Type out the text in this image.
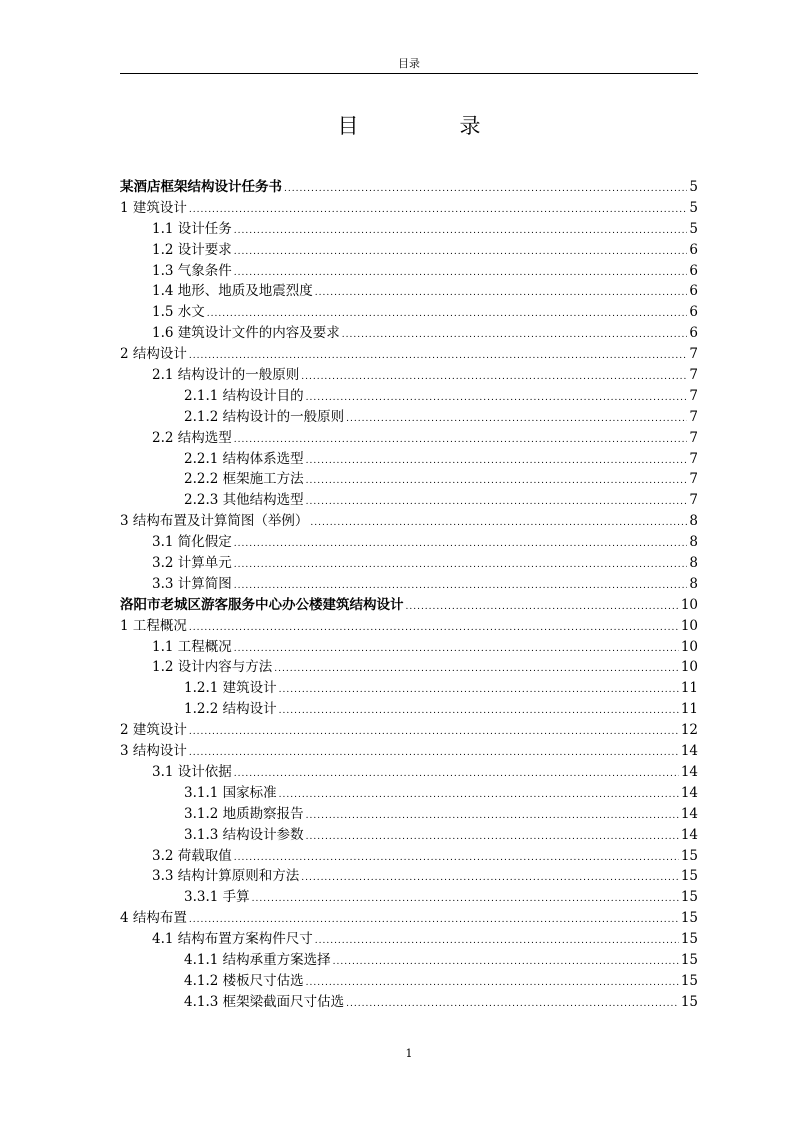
目录
目　录
某酒店框架结构设计任务书 .....	5
1 建筑设计 .....	5
1.1 设计任务 .....	5
1.2 设计要求 .....	6
1.3 气象条件 .....	6
1.4 地形、地质及地震烈度 .....	6
1.5 水文 .....	6
1.6 建筑设计文件的内容及要求 .....	6
2 结构设计 .....	7
2.1 结构设计的一般原则 .....	7
2.1.1 结构设计目的 .....	7
2.1.2 结构设计的一般原则 .....	7
2.2 结构选型 .....	7
2.2.1 结构体系选型 .....	7
2.2.2 框架施工方法 .....	7
2.2.3 其他结构选型 .....	7
3 结构布置及计算简图（举例） .....	8
3.1 简化假定 .....	8
3.2 计算单元 .....	8
3.3 计算简图 .....	8
洛阳市老城区游客服务中心办公楼建筑结构设计 .....	10
1 工程概况 .....	10
1.1 工程概况 .....	10
1.2 设计内容与方法 .....	10
1.2.1 建筑设计 .....	11
1.2.2 结构设计 .....	11
2 建筑设计 .....	12
3 结构设计 .....	14
3.1 设计依据 .....	14
3.1.1 国家标准 .....	14
3.1.2 地质勘察报告 .....	14
3.1.3 结构设计参数 .....	14
3.2 荷载取值 .....	15
3.3 结构计算原则和方法 .....	15
3.3.1 手算 .....	15
4 结构布置 .....	15
4.1 结构布置方案构件尺寸 .....	15
4.1.1 结构承重方案选择 .....	15
4.1.2 楼板尺寸估选 .....	15
4.1.3 框架梁截面尺寸估选 .....	15
1
